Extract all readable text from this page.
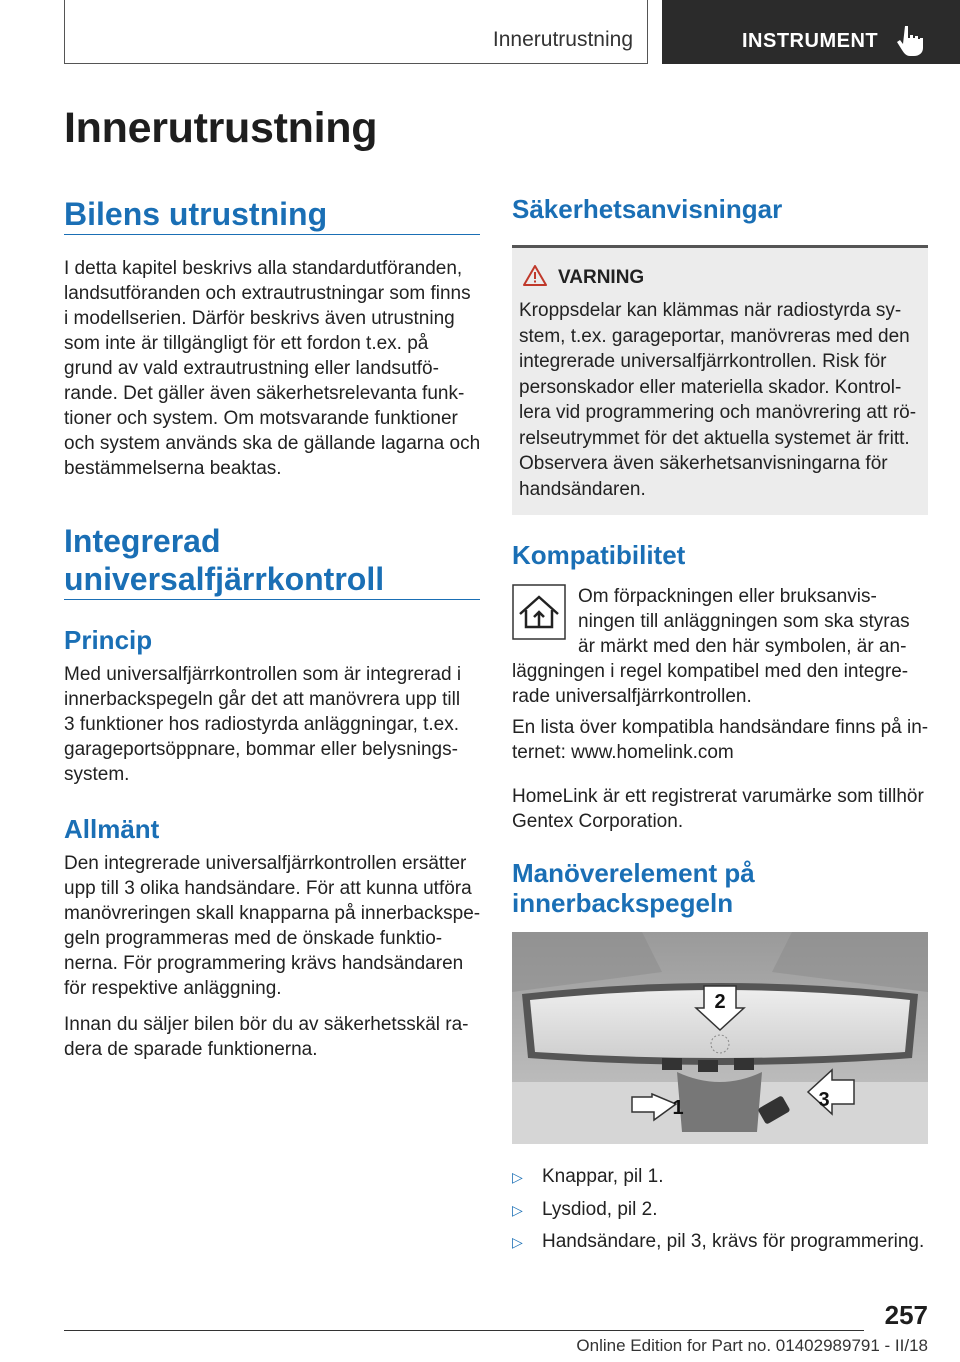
Innerutrustning	INSTRUMENT
Innerutrustning
Bilens utrustning
I detta kapitel beskrivs alla standardutföranden,
landsutföranden och extrautrustningar som finns
i modellserien. Därför beskrivs även utrustning
som inte är tillgängligt för ett fordon t.ex. på
grund av vald extrautrustning eller landsutfö-
rande. Det gäller även säkerhetsrelevanta funk-
tioner och system. Om motsvarande funktioner
och system används ska de gällande lagarna och
bestämmelserna beaktas.
Integrerad
universalfjärrkontroll
Princip
Med universalfjärrkontrollen som är integrerad i
innerbackspegeln går det att manövrera upp till
3 funktioner hos radiostyrda anläggningar, t.ex.
garageportsöppnare, bommar eller belysnings-
system.
Allmänt
Den integrerade universalfjärrkontrollen ersätter
upp till 3 olika handsändare. För att kunna utföra
manövreringen skall knapparna på innerbackspe-
geln programmeras med de önskade funktio-
nerna. För programmering krävs handsändaren
för respektive anläggning.
Innan du säljer bilen bör du av säkerhetsskäl ra-
dera de sparade funktionerna.
Säkerhetsanvisningar
VARNING
Kroppsdelar kan klämmas när radiostyrda sy-
stem, t.ex. garageportar, manövreras med den
integrerade universalfjärrkontrollen. Risk för
personskador eller materiella skador. Kontrol-
lera vid programmering och manövrering att rö-
relseutrymmet för det aktuella systemet är fritt.
Observera även säkerhetsanvisningarna för
handsändaren.
Kompatibilitet
Om förpackningen eller bruksanvis-
ningen till anläggningen som ska styras
är märkt med den här symbolen, är an-
läggningen i regel kompatibel med den integre-
rade universalfjärrkontrollen.
En lista över kompatibla handsändare finns på in-
ternet: www.homelink.com
HomeLink är ett registrerat varumärke som tillhör
Gentex Corporation.
Manöverelement på
innerbackspegeln
2
1	3
▷ Knappar, pil 1.
▷ Lysdiod, pil 2.
▷ Handsändare, pil 3, krävs för programmering.
257
Online Edition for Part no. 01402989791 - II/18
